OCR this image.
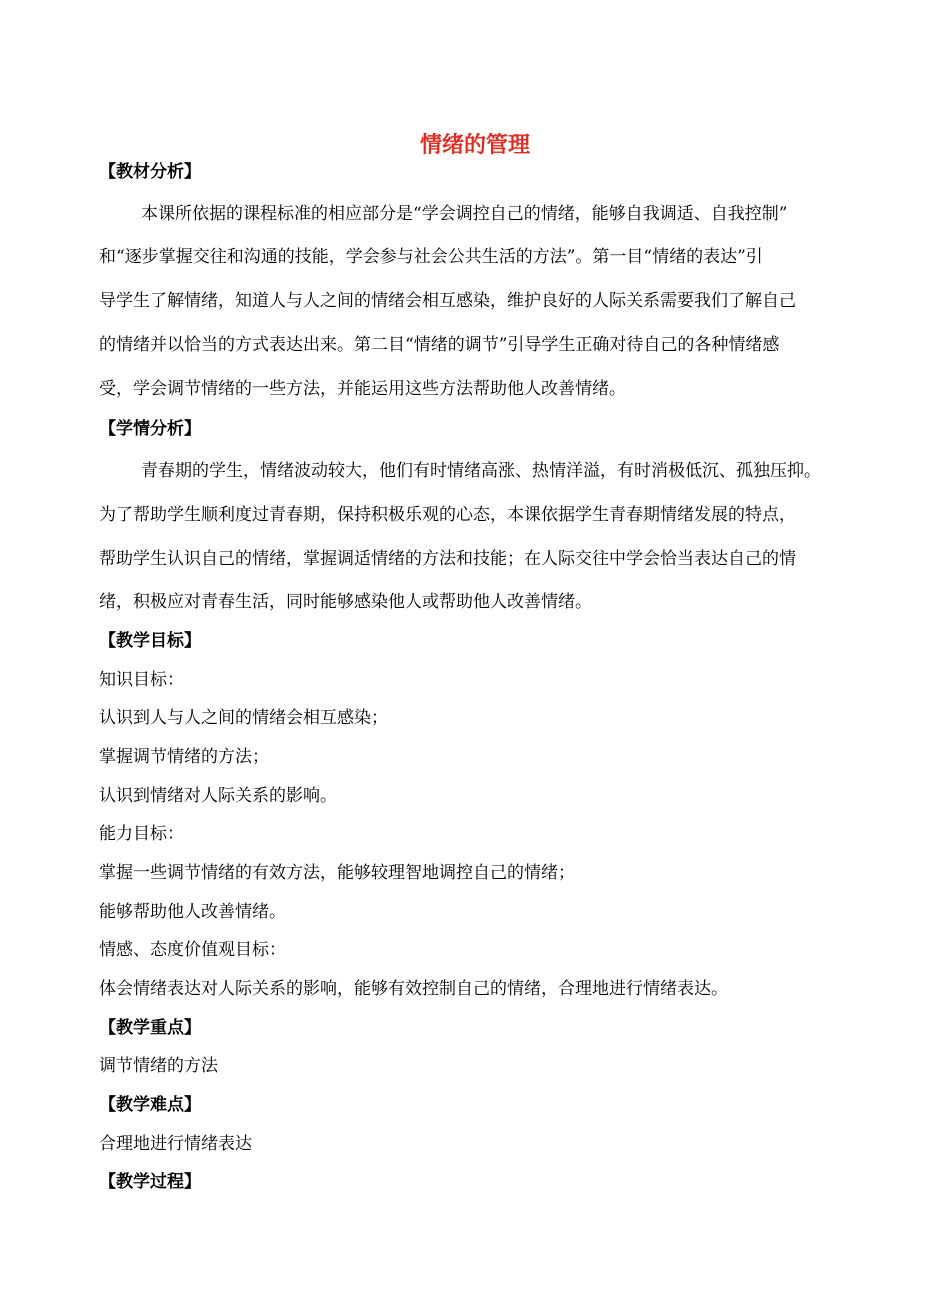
情绪的管理
【教材分析】
本课所依据的课程标准的相应部分是“学会调控自己的情绪，能够自我调适、自我控制”
和“逐步掌握交往和沟通的技能，学会参与社会公共生活的方法”。第一目“情绪的表达”引
导学生了解情绪，知道人与人之间的情绪会相互感染，维护良好的人际关系需要我们了解自己
的情绪并以恰当的方式表达出来。第二目“情绪的调节”引导学生正确对待自己的各种情绪感
受，学会调节情绪的一些方法，并能运用这些方法帮助他人改善情绪。
【学情分析】
青春期的学生，情绪波动较大，他们有时情绪高涨、热情洋溢，有时消极低沉、孤独压抑。
为了帮助学生顺利度过青春期，保持积极乐观的心态，本课依据学生青春期情绪发展的特点，
帮助学生认识自己的情绪，掌握调适情绪的方法和技能；在人际交往中学会恰当表达自己的情
绪，积极应对青春生活，同时能够感染他人或帮助他人改善情绪。
【教学目标】
知识目标：
认识到人与人之间的情绪会相互感染；
掌握调节情绪的方法；
认识到情绪对人际关系的影响。
能力目标：
掌握一些调节情绪的有效方法，能够较理智地调控自己的情绪；
能够帮助他人改善情绪。
情感、态度价值观目标：
体会情绪表达对人际关系的影响，能够有效控制自己的情绪，合理地进行情绪表达。
【教学重点】
调节情绪的方法
【教学难点】
合理地进行情绪表达
【教学过程】
